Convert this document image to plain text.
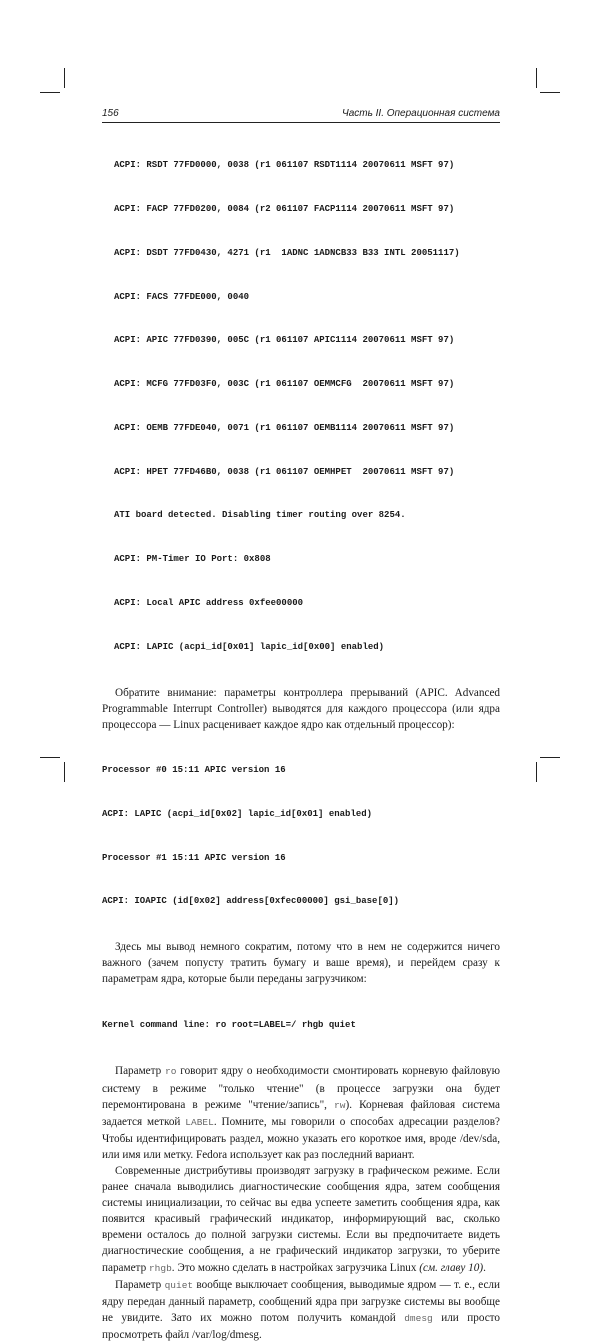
156	Часть II. Операционная система

ACPI: RSDT 77FD0000, 0038 (r1 061107 RSDT1114 20070611 MSFT 97)

ACPI: FACP 77FD0200, 0084 (r2 061107 FACP1114 20070611 MSFT 97)

ACPI: DSDT 77FD0430, 4271 (r1  1ADNC 1ADNCB33 B33 INTL 20051117)

ACPI: FACS 77FDE000, 0040

ACPI: APIC 77FD0390, 005C (r1 061107 APIC1114 20070611 MSFT 97)

ACPI: MCFG 77FD03F0, 003C (r1 061107 OEMMCFG  20070611 MSFT 97)

ACPI: OEMB 77FDE040, 0071 (r1 061107 OEMB1114 20070611 MSFT 97)

ACPI: HPET 77FD46B0, 0038 (r1 061107 OEMHPET  20070611 MSFT 97)

ATI board detected. Disabling timer routing over 8254.

ACPI: PM-Timer IO Port: 0x808

ACPI: Local APIC address 0xfee00000

ACPI: LAPIC (acpi_id[0x01] lapic_id[0x00] enabled)

Обратите внимание: параметры контроллера прерываний (APIC. Advanced Programmable Interrupt Controller) выводятся для каждого процессора (или ядра процессора — Linux расценивает каждое ядро как отдельный процессор):

Processor #0 15:11 APIC version 16

ACPI: LAPIC (acpi_id[0x02] lapic_id[0x01] enabled)

Processor #1 15:11 APIC version 16

ACPI: IOAPIC (id[0x02] address[0xfec00000] gsi_base[0])

Здесь мы вывод немного сократим, потому что в нем не содержится ничего важного (зачем попусту тратить бумагу и ваше время), и перейдем сразу к параметрам ядра, которые были переданы загрузчиком:

Kernel command line: ro root=LABEL=/ rhgb quiet

Параметр ro говорит ядру о необходимости смонтировать корневую файловую систему в режиме "только чтение" (в процессе загрузки она будет перемонтирована в режиме "чтение/запись", rw). Корневая файловая система задается меткой LABEL. Помните, мы говорили о способах адресации разделов? Чтобы идентифицировать раздел, можно указать его короткое имя, вроде /dev/sda, или имя или метку. Fedora использует как раз последний вариант.

Современные дистрибутивы производят загрузку в графическом режиме. Если ранее сначала выводились диагностические сообщения ядра, затем сообщения системы инициализации, то сейчас вы едва успеете заметить сообщения ядра, как появится красивый графический индикатор, информирующий вас, сколько времени осталось до полной загрузки системы. Если вы предпочитаете видеть диагностические сообщения, а не графический индикатор загрузки, то уберите параметр rhgb. Это можно сделать в настройках загрузчика Linux (см. главу 10).

Параметр quiet вообще выключает сообщения, выводимые ядром — т. е., если ядру передан данный параметр, сообщений ядра при загрузке системы вы вообще не увидите. Зато их можно потом получить командой dmesg или просто просмотреть файл /var/log/dmesg.
